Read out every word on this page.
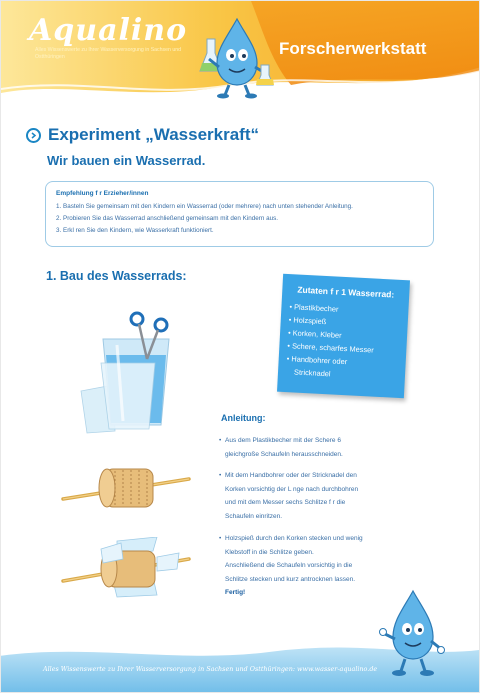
Aqualino
Alles Wissenswerte zu Ihrer Wasserversorgung in Sachsen und Ostthüringen	Forscherwerkstatt
Experiment „Wasserkraft“
Wir bauen ein Wasserrad.
Empfehlung f r Erzieher/innen
1. Basteln Sie gemeinsam mit den Kindern ein Wasserrad (oder mehrere) nach unten stehender Anleitung.
2. Probieren Sie das Wasserrad anschließend gemeinsam mit den Kindern aus.
3. Erkl ren Sie den Kindern, wie Wasserkraft funktioniert.
1. Bau des Wasserrads:
Zutaten f r 1 Wasserrad:
• Plastikbecher
• Holzspieß
• Korken, Kleber
• Schere, scharfes Messer
• Handbohrer oder
Stricknadel
Anleitung:
• Aus dem Plastikbecher mit der Schere 6
gleichgroße Schaufeln herausschneiden.
• Mit dem Handbohrer oder der Stricknadel den
Korken vorsichtig der L nge nach durchbohren
und mit dem Messer sechs Schlitze f r die
Schaufeln einritzen.
• Holzspieß durch den Korken stecken und wenig
Klebstoff in die Schlitze geben.
Anschließend die Schaufeln vorsichtig in die
Schlitze stecken und kurz antrocknen lassen.
Fertig!
Alles Wissenswerte zu Ihrer Wasserversorgung in Sachsen und Ostthüringen: www.wasser-aqualino.de
